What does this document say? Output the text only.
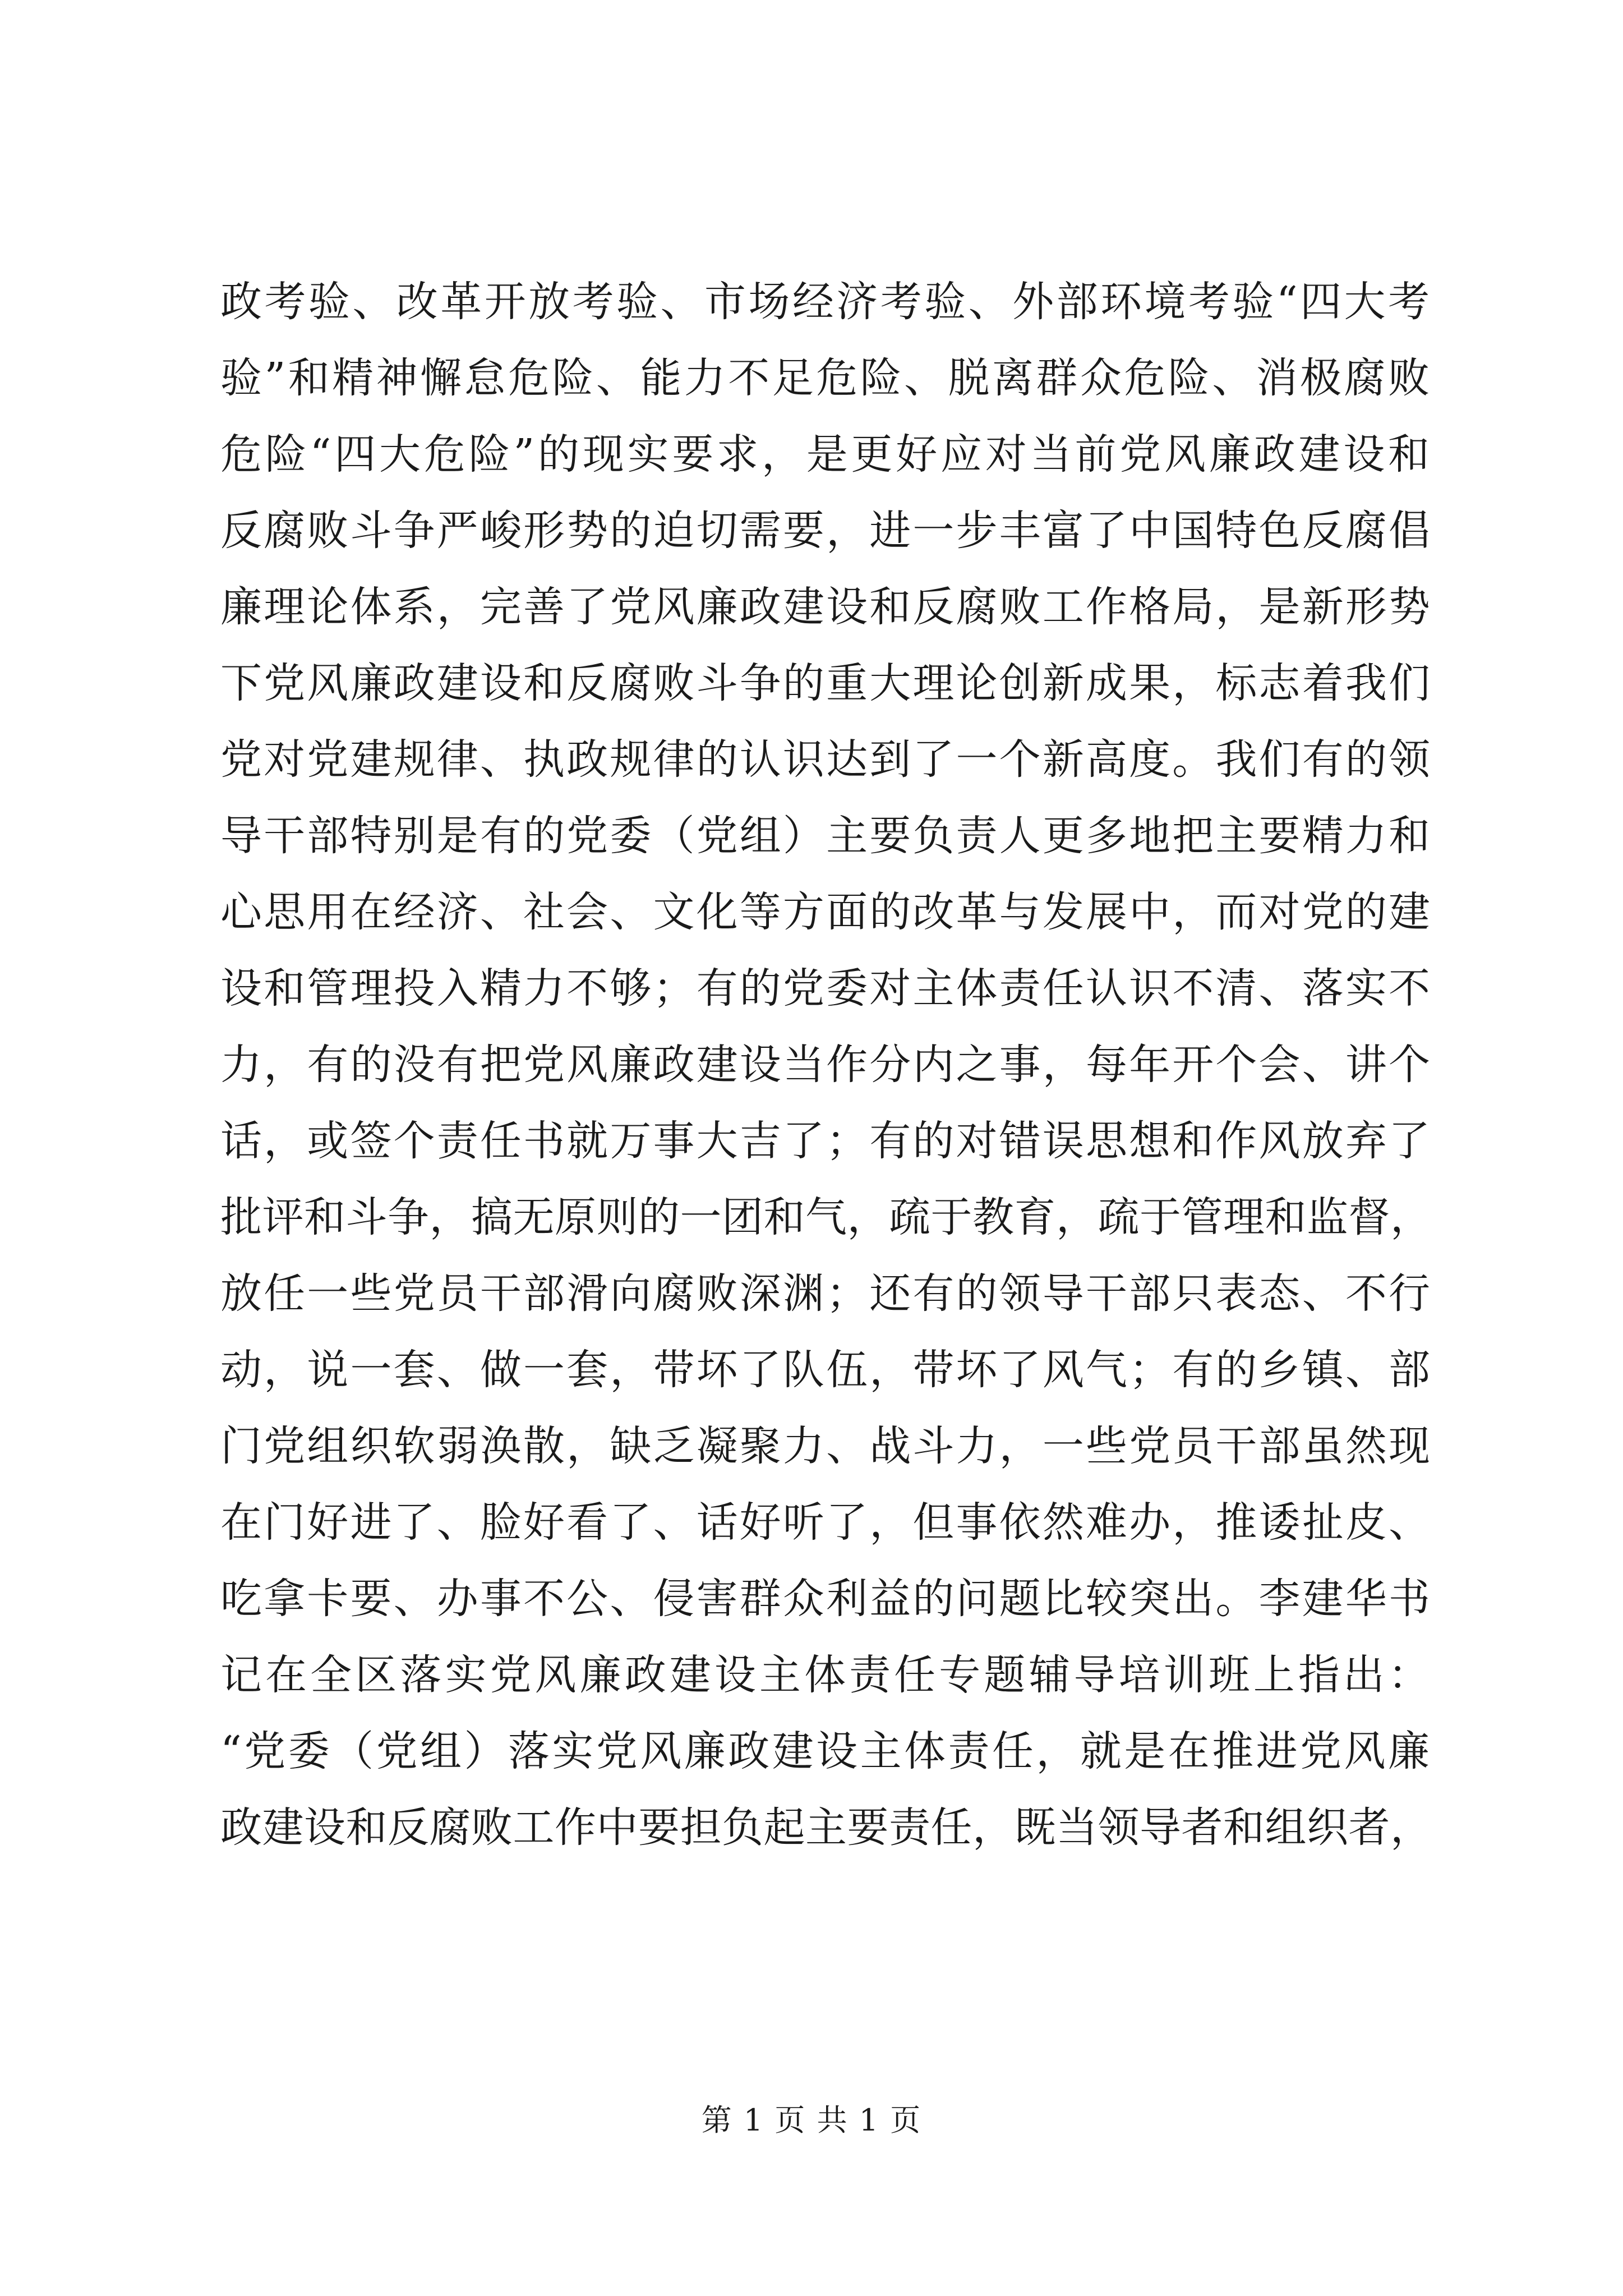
政考验、改革开放考验、市场经济考验、外部环境考验“四大考
验”和精神懈怠危险、能力不足危险、脱离群众危险、消极腐败
危险“四大危险”的现实要求，是更好应对当前党风廉政建设和
反腐败斗争严峻形势的迫切需要，进一步丰富了中国特色反腐倡
廉理论体系，完善了党风廉政建设和反腐败工作格局，是新形势
下党风廉政建设和反腐败斗争的重大理论创新成果，标志着我们
党对党建规律、执政规律的认识达到了一个新高度。我们有的领
导干部特别是有的党委（党组）主要负责人更多地把主要精力和
心思用在经济、社会、文化等方面的改革与发展中，而对党的建
设和管理投入精力不够；有的党委对主体责任认识不清、落实不
力，有的没有把党风廉政建设当作分内之事，每年开个会、讲个
话，或签个责任书就万事大吉了；有的对错误思想和作风放弃了
批评和斗争，搞无原则的一团和气，疏于教育，疏于管理和监督，
放任一些党员干部滑向腐败深渊；还有的领导干部只表态、不行
动，说一套、做一套，带坏了队伍，带坏了风气；有的乡镇、部
门党组织软弱涣散，缺乏凝聚力、战斗力，一些党员干部虽然现
在门好进了、脸好看了、话好听了，但事依然难办，推诿扯皮、
吃拿卡要、办事不公、侵害群众利益的问题比较突出。李建华书
记在全区落实党风廉政建设主体责任专题辅导培训班上指出：
“党委（党组）落实党风廉政建设主体责任，就是在推进党风廉
政建设和反腐败工作中要担负起主要责任，既当领导者和组织者，
第 1 页 共 1 页
